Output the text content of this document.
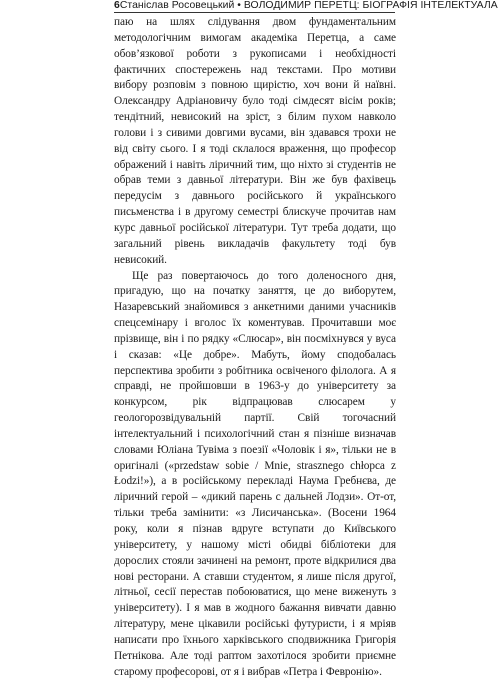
6 Станіслав Росовецький • ВОЛОДИМИР ПЕРЕТЦ: БІОГРАФІЯ ІНТЕЛЕКТУАЛА

паю на шлях слідування двом фундаментальним методологічним вимогам академіка Перетца, а саме обов’язкової роботи з рукописами і необхідності фактичних спостережень над текстами. Про мотиви вибору розповім з повною щирістю, хоч вони й наївні. Олександру Адріановичу було тоді сімдесят вісім років; тендітний, невисокий на зріст, з білим пухом навколо голови і з сивими довгими вусами, він здавався трохи не від світу сього. І я тоді склалося враження, що професор ображений і навіть ліричний тим, що ніхто зі студентів не обрав теми з давньої літератури. Він же був фахівець передусім з давнього російського й українського письменства і в другому семестрі блискуче прочитав нам курс давньої російської літератури. Тут треба додати, що загальний рівень викладачів факультету тоді був невисокий.

Ще раз повертаючось до того доленосного дня, пригадую, що на початку заняття, це до виборутем, Назаревський знайомився з анкетними даними учасників спецсемінару і вголос їх коментував. Прочитавши моє прізвище, він і по рядку «Слюсар», він посміхнувся у вуса і сказав: «Це добре». Мабуть, йому сподобалась перспектива зробити з робітника освіченого філолога. А я справді, не пройшовши в 1963-у до університету за конкурсом, рік відпрацював слюсарем у геологорозвідувальній партії. Свій тогочасний інтелектуальний і психологічний стан я пізніше визначав словами Юліана Тувіма з поезії «Чоловік і я», тільки не в оригіналі («przedstaw sobie / Mnie, strasznego chłopca z Łodzi!»), а в російському перекладі Наума Гребнєва, де ліричний герой – «дикий парень с дальней Лодзи». От-от, тільки треба замінити: «з Лисичанська». (Восени 1964 року, коли я пізнав вдруге вступати до Київського університету, у нашому місті обидві бібліотеки для дорослих стояли зачинені на ремонт, проте відкрилися два нові ресторани. А ставши студентом, я лише після другої, літньої, сесії перестав побоюватися, що мене виженуть з університету). І я мав в жодного бажання вивчати давню літературу, мене цікавили російські футуристи, і я мріяв написати про їхнього харківського сподвижника Григорія Петнікова. Але тоді раптом захотілося зробити приємне старому професорові, от я і вибрав «Петра і Февронію».
